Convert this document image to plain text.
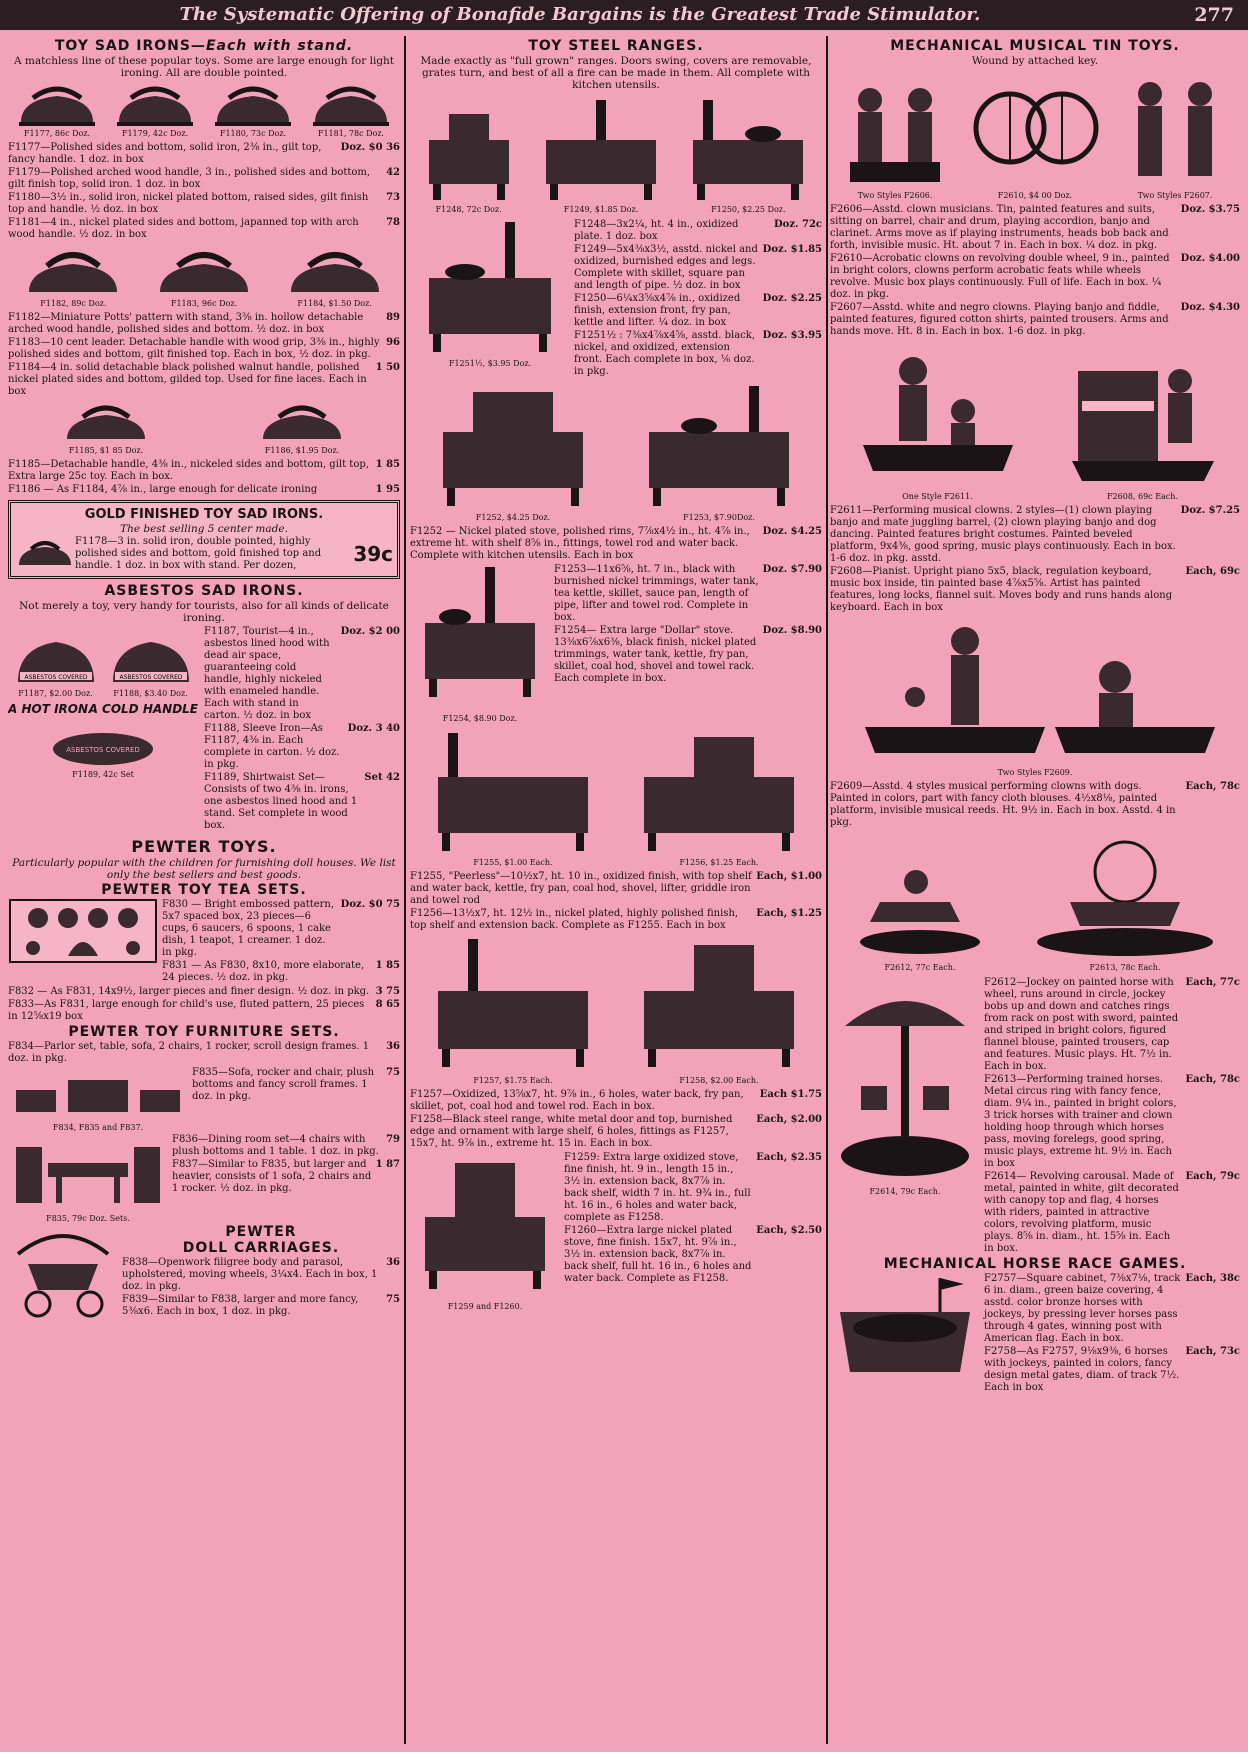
The Systematic Offering of Bonafide Bargains is the Greatest Trade Stimulator.	277
TOY SAD IRONS—Each with stand.
A matchless line of these popular toys. Some are large enough for light ironing. All are double pointed.
F1177, 86c Doz.	F1179, 42c Doz.	F1180, 73c Doz.	F1181, 78c Doz.
F1177—Polished sides and bottom, solid iron, 2⅜ in., gilt top, fancy handle. 1 doz. in box
Doz. $0 36
F1179—Polished arched wood handle, 3 in., polished sides and bottom, gilt finish top, solid iron. 1 doz. in box
42
F1180—3½ in., solid iron, nickel plated bottom, raised sides, gilt finish top and handle. ½ doz. in box
73
F1181—4 in., nickel plated sides and bottom, japanned top with arch wood handle. ½ doz. in box
78
F1182, 89c Doz.	F1183, 96c Doz.	F1184, $1.50 Doz.
F1182—Miniature Potts' pattern with stand, 3⅜ in. hollow detachable arched wood handle, polished sides and bottom. ½ doz. in box
89
F1183—10 cent leader. Detachable handle with wood grip, 3⅜ in., highly polished sides and bottom, gilt finished top. Each in box, ½ doz. in pkg.
96
F1184—4 in. solid detachable black polished walnut handle, polished nickel plated sides and bottom, gilded top. Used for fine laces. Each in box
1 50
F1185, $1 85 Doz.	F1186, $1.95 Doz.
F1185—Detachable handle, 4⅜ in., nickeled sides and bottom, gilt top, Extra large 25c toy. Each in box.
1 85
F1186 — As F1184, 4⅞ in., large enough for delicate ironing	1 95
GOLD FINISHED TOY SAD IRONS.
The best selling 5 center made.
F1178—3 in. solid iron, double pointed, highly polished sides and bottom, gold finished top and handle. 1 doz. in box with stand. Per dozen,	39c
ASBESTOS SAD IRONS.
Not merely a toy, very handy for tourists, also for all kinds of delicate ironing.
ASBESTOS COVERED
F1187, $2.00 Doz.
ASBESTOS COVERED
F1188, $3.40 Doz.
A HOT IRON A COLD HANDLE
ASBESTOS COVERED
F1189, 42c Set
F1187, Tourist—4 in., asbestos lined hood with dead air space, guaranteeing cold handle, highly nickeled with enameled handle. Each with stand in carton. ½ doz. in box
Doz. $2 00
F1188, Sleeve Iron—As F1187, 4⅜ in. Each complete in carton. ½ doz. in pkg.
Doz. 3 40
F1189, Shirtwaist Set—Consists of two 4⅜ in. irons, one asbestos lined hood and 1 stand. Set complete in wood box.
Set 42
PEWTER TOYS.
Particularly popular with the children for furnishing doll houses. We list only the best sellers and best goods.
PEWTER TOY TEA SETS.
F830 — Bright embossed pattern, 5x7 spaced box, 23 pieces—6 cups, 6 saucers, 6 spoons, 1 cake dish, 1 teapot, 1 creamer. 1 doz. in pkg.
Doz. $0 75
F831 — As F830, 8x10, more elaborate, 24 pieces. ½ doz. in pkg.
1 85
F832 — As F831, 14x9½, larger pieces and finer design. ½ doz. in pkg. 3 75
F833—As F831, large enough for child's use, fluted pattern, 25 pieces in 12⅝x19 box
8 65
PEWTER TOY FURNITURE SETS.
F834—Parlor set, table, sofa, 2 chairs, 1 rocker, scroll design frames. 1 doz. in pkg.
36
F834, F835 and F837.
F835—Sofa, rocker and chair, plush bottoms and fancy scroll frames. 1 doz. in pkg.
75
F835, 79c Doz. Sets.
F836—Dining room set—4 chairs with plush bottoms and 1 table. 1 doz. in pkg.
79
F837—Similar to F835, but larger and heavier, consists of 1 sofa, 2 chairs and 1 rocker. ½ doz. in pkg.
1 87
PEWTER
DOLL CARRIAGES.
F838—Openwork filigree body and parasol, upholstered, moving wheels, 3¼x4. Each in box, 1 doz. in pkg.
36
F839—Similar to F838, larger and more fancy, 5⅜x6. Each in box, 1 doz. in pkg.
75
TOY STEEL RANGES.
Made exactly as "full grown" ranges. Doors swing, covers are removable, grates turn, and best of all a fire can be made in them. All complete with kitchen utensils.
F1248, 72c Doz.	F1249, $1.85 Doz.	F1250, $2.25 Doz.
F1251½, $3.95 Doz.
F1248—3x2¼, ht. 4 in., oxidized plate. 1 doz. box
Doz. 72c
F1249—5x4⅜x3½, asstd. nickel and oxidized, burnished edges and legs. Complete with skillet, square pan and length of pipe. ½ doz. in box
Doz. $1.85
F1250—6¼x3⅝x4⅞ in., oxidized finish, extension front, fry pan, kettle and lifter. ¼ doz. in box
Doz. $2.25
F1251½ : 7⅜x4⅞x4⅝, asstd. black, nickel, and oxidized, extension front. Each complete in box, ⅙ doz. in pkg.
Doz. $3.95
F1252, $4.25 Doz.	F1253, $7.90Doz.
F1252 — Nickel plated stove, polished rims, 7⅞x4½ in., ht. 4⅞ in., extreme ht. with shelf 8⅝ in., fittings, towel rod and water back. Complete with kitchen utensils. Each in box
Doz. $4.25
F1254, $8.90 Doz.
F1253—11x6⅝, ht. 7 in., black with burnished nickel trimmings, water tank, tea kettle, skillet, sauce pan, length of pipe, lifter and towel rod. Complete in box.
Doz. $7.90
F1254— Extra large "Dollar" stove. 13⅜x6⅞x6⅜, black finish, nickel plated trimmings, water tank, kettle, fry pan, skillet, coal hod, shovel and towel rack. Each complete in box.
Doz. $8.90
F1255, $1.00 Each.	F1256, $1.25 Each.
F1255, "Peerless"—10½x7, ht. 10 in., oxidized finish, with top shelf and water back, kettle, fry pan, coal hod, shovel, lifter, griddle iron and towel rod
Each, $1.00
F1256—13½x7, ht. 12½ in., nickel plated, highly polished finish, top shelf and extension back. Complete as F1255. Each in box
Each, $1.25
F1257, $1.75 Each.	F1258, $2.00 Each.
F1257—Oxidized, 13⅝x7, ht. 9⅞ in., 6 holes, water back, fry pan, skillet, pot, coal hod and towel rod. Each in box.
Each $1.75
F1258—Black steel range, white metal door and top, burnished edge and ornament with large shelf, 6 holes, fittings as F1257, 15x7, ht. 9⅞ in., extreme ht. 15 in. Each in box.
Each, $2.00
F1259 and F1260.
F1259: Extra large oxidized stove, fine finish, ht. 9 in., length 15 in., 3½ in. extension back, 8x7⅞ in. back shelf, width 7 in. ht. 9¾ in., full ht. 16 in., 6 holes and water back, complete as F1258.
Each, $2.35
F1260—Extra large nickel plated stove, fine finish. 15x7, ht. 9⅞ in., 3½ in. extension back, 8x7⅞ in. back shelf, full ht. 16 in., 6 holes and water back. Complete as F1258.
Each, $2.50
MECHANICAL MUSICAL TIN TOYS.
Wound by attached key.
Two Styles F2606.	F2610, $4 00 Doz.	Two Styles F2607.
F2606—Asstd. clown musicians. Tin, painted features and suits, sitting on barrel, chair and drum, playing accordion, banjo and clarinet. Arms move as if playing instruments, heads bob back and forth, invisible music. Ht. about 7 in. Each in box. ¼ doz. in pkg.
Doz. $3.75
F2610—Acrobatic clowns on revolving double wheel, 9 in., painted in bright colors, clowns perform acrobatic feats while wheels revolve. Music box plays continuously. Full of life. Each in box. ¼ doz. in pkg.
Doz. $4.00
F2607—Asstd. white and negro clowns. Playing banjo and fiddle, painted features, figured cotton shirts, painted trousers. Arms and hands move. Ht. 8 in. Each in box. 1-6 doz. in pkg.
Doz. $4.30
One Style F2611.	F2608, 69c Each.
F2611—Performing musical clowns. 2 styles—(1) clown playing banjo and mate juggling barrel, (2) clown playing banjo and dog dancing. Painted features bright costumes. Painted beveled platform, 9x4⅜, good spring, music plays continuously. Each in box. 1-6 doz. in pkg. asstd.
Doz. $7.25
F2608—Pianist. Upright piano 5x5, black, regulation keyboard, music box inside, tin painted base 4⅞x5⅝. Artist has painted features, long locks, flannel suit. Moves body and runs hands along keyboard. Each in box
Each, 69c
Two Styles F2609.
F2609—Asstd. 4 styles musical performing clowns with dogs. Painted in colors, part with fancy cloth blouses. 4½x8⅛, painted platform, invisible musical reeds. Ht. 9½ in. Each in box. Asstd. 4 in pkg.
Each, 78c
F2612, 77c Each.	F2613, 78c Each.
F2614, 79c Each.
F2612—Jockey on painted horse with wheel, runs around in circle, jockey bobs up and down and catches rings from rack on post with sword, painted and striped in bright colors, figured flannel blouse, painted trousers, cap and features. Music plays. Ht. 7½ in. Each in box.
Each, 77c
F2613—Performing trained horses. Metal circus ring with fancy fence, diam. 9¼ in., painted in bright colors, 3 trick horses with trainer and clown holding hoop through which horses pass, moving forelegs, good spring, music plays, extreme ht. 9½ in. Each in box
Each, 78c
F2614— Revolving carousal. Made of metal, painted in white, gilt decorated with canopy top and flag, 4 horses with riders, painted in attractive colors, revolving platform, music plays. 8⅝ in. diam., ht. 15⅝ in. Each in box.
Each, 79c
MECHANICAL HORSE RACE GAMES.
F2757—Square cabinet, 7⅜x7⅛, track 6 in. diam., green baize covering, 4 asstd. color bronze horses with jockeys, by pressing lever horses pass through 4 gates, winning post with American flag. Each in box.
Each, 38c
F2758—As F2757, 9⅛x9⅜, 6 horses with jockeys, painted in colors, fancy design metal gates, diam. of track 7½. Each in box
Each, 73c
